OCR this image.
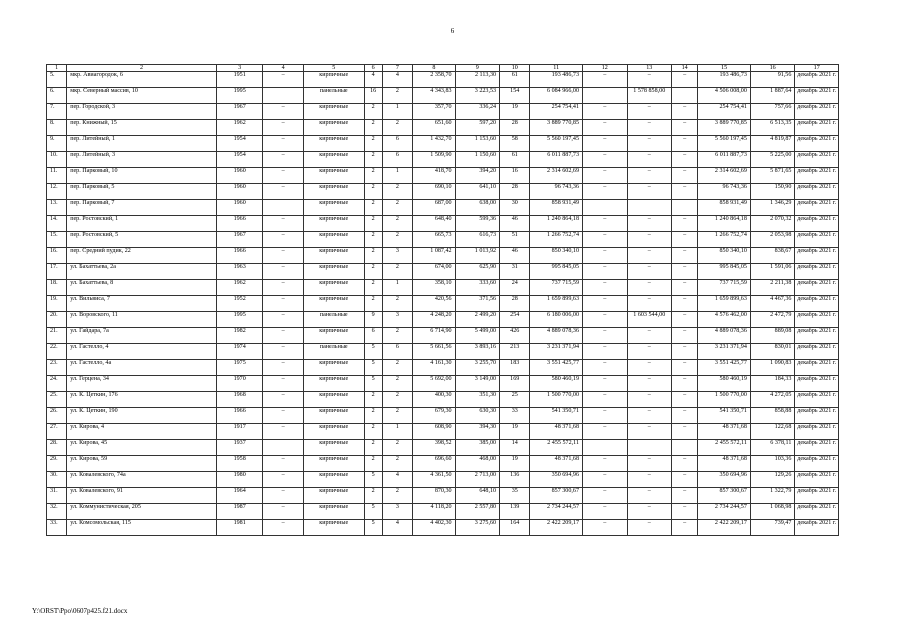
6
1	2	3	4	5	6	7	8	9	10	11	12	13	14	15	16	17
5.	мкр. Авиагородок, 6	1951	–	кирпичные	4	4	2 358,70	2 113,30	61	193 486,73	–	–	–	193 486,73	91,56	декабрь 2021 г.
6.	мкр. Северный массив, 10	1995		панельные	16	2	4 343,83	3 223,53	154	6 084 966,00		1 578 858,00		4 506 008,00	1 887,64	декабрь 2021 г.
7.	пер. Городской, 3	1967	–	кирпичные	2	1	357,70	336,24	19	254 754,41	–	–	–	254 754,41	757,66	декабрь 2021 г.
8.	пер. Книжный, 15	1962	–	кирпичные	2	2	651,60	597,20	28	3 889 770,85	–	–	–	3 889 770,85	6 513,35	декабрь 2021 г.
9.	пер. Литейный, 1	1954	–	кирпичные	2	6	1 432,70	1 153,60	58	5 560 197,45	–	–	–	5 560 197,45	4 819,87	декабрь 2021 г.
10.	пер. Литейный, 3	1954	–	кирпичные	2	6	1 509,90	1 150,60	61	6 011 887,73	–	–	–	6 011 887,73	5 225,00	декабрь 2021 г.
11.	пер. Парковый, 10	1960	–	кирпичные	2	1	418,70	394,20	16	2 314 602,69	–	–	–	2 314 602,69	5 871,65	декабрь 2021 г.
12.	пер. Парковый, 5	1960	–	кирпичные	2	2	690,10	641,10	28	96 743,36	–	–	–	96 743,36	150,90	декабрь 2021 г.
13.	пер. Парковый, 7	1960		кирпичные	2	2	687,00	638,00	30	858 931,49				858 931,49	1 346,29	декабрь 2021 г.
14.	пер. Ростовский, 1	1966	–	кирпичные	2	2	648,40	599,36	46	1 240 864,18	–	–	–	1 240 864,18	2 070,32	декабрь 2021 г.
15.	пер. Ростовский, 5	1967	–	кирпичные	2	2	665,73	616,73	51	1 266 752,74	–	–	–	1 266 752,74	2 053,98	декабрь 2021 г.
16.	пер. Средний пудик, 22	1966	–	кирпичные	2	3	1 087,42	1 013,92	46	850 340,10	–	–	–	850 340,10	838,67	декабрь 2021 г.
17.	ул. Бахаттьева, 2а	1963	–	кирпичные	2	2	674,00	625,90	31	995 845,05	–	–	–	995 845,05	1 591,06	декабрь 2021 г.
18.	ул. Бахаттьева, 8	1962	–	кирпичные	2	1	358,10	333,60	24	737 715,59	–	–	–	737 715,59	2 211,38	декабрь 2021 г.
19.	ул. Вильвиса, 7	1952	–	кирпичные	2	2	420,56	371,56	28	1 659 899,63	–	–	–	1 659 899,63	4 467,36	декабрь 2021 г.
20.	ул. Воровского, 11	1995	–	панельные	9	3	4 248,20	2 499,20	254	6 180 006,00	–	1 603 544,00	–	4 576 462,00	2 472,79	декабрь 2021 г.
21.	ул. Гайдара, 7а	1982	–	кирпичные	6	2	6 714,90	5 499,00	426	4 889 078,36	–	–	–	4 889 078,36	889,08	декабрь 2021 г.
22.	ул. Гастелло, 4	1974	–	панельные	5	6	5 661,56	3 893,16	213	3 231 371,94	–	–	–	3 231 371,94	830,01	декабрь 2021 г.
23.	ул. Гастелло, 4а	1975	–	кирпичные	5	2	4 161,30	3 255,70	183	3 551 425,77	–	–	–	3 551 425,77	1 090,83	декабрь 2021 г.
24.	ул. Герцена, 34	1970	–	кирпичные	5	2	5 692,00	3 149,00	169	580 460,19	–	–	–	580 460,19	184,33	декабрь 2021 г.
25.	ул. К. Цеткин, 176	1968	–	кирпичные	2	2	400,30	351,30	25	1 500 770,00	–	–	–	1 500 770,00	4 272,05	декабрь 2021 г.
26.	ул. К. Цеткин, 190	1966	–	кирпичные	2	2	679,30	630,30	33	541 350,71	–	–	–	541 350,71	858,88	декабрь 2021 г.
27.	ул. Кирова, 4	1917	–	кирпичные	2	1	608,90	394,30	19	48 371,68	–	–	–	48 371,68	122,68	декабрь 2021 г.
28.	ул. Кирова, 45	1937		кирпичные	2	2	398,52	385,00	14	2 455 572,11				2 455 572,11	6 378,11	декабрь 2021 г.
29.	ул. Кирова, 59	1958	–	кирпичные	2	2	696,60	468,00	19	48 371,68	–	–	–	48 371,68	103,36	декабрь 2021 г.
30.	ул. Ковалевского, 74а	1980	–	кирпичные	5	4	4 361,50	2 713,00	136	350 694,96	–	–	–	350 694,96	129,26	декабрь 2021 г.
31.	ул. Ковалевского, 91	1964	–	кирпичные	2	2	870,30	648,10	35	857 300,67	–	–	–	857 300,67	1 322,79	декабрь 2021 г.
32.	ул. Коммунистическая, 205	1987	–	кирпичные	5	3	4 118,20	2 557,80	139	2 734 244,57	–	–	–	2 734 244,57	1 068,98	декабрь 2021 г.
33.	ул. Комсомольская, 115	1981	–	кирпичные	5	4	4 402,30	3 275,60	164	2 422 209,17	–	–	–	2 422 209,17	739,47	декабрь 2021 г.
Y:\ORST\Ppo\0607p425.f21.docx
